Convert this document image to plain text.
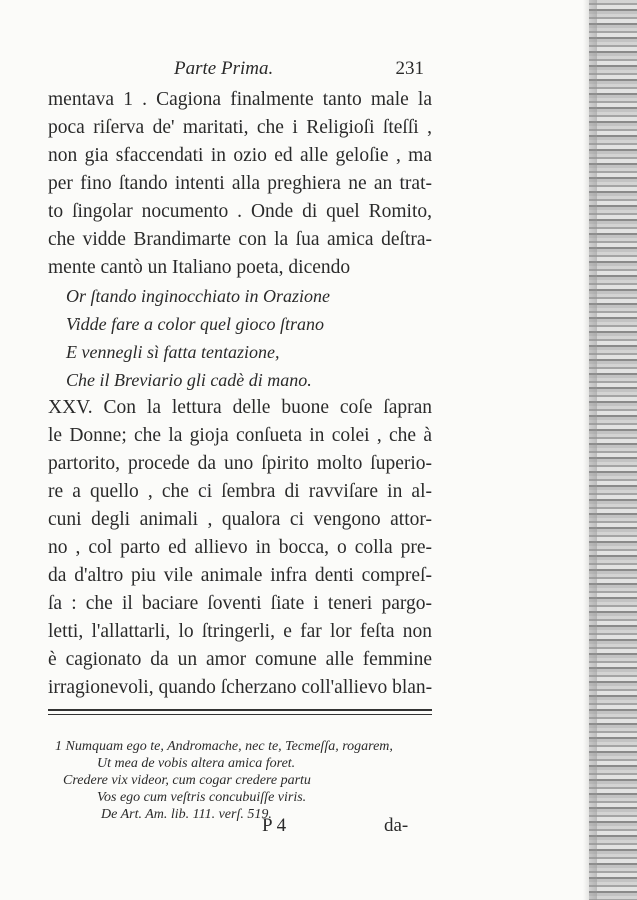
Parte Prima.	231
mentava 1 . Cagiona finalmente tanto male la
poca riſerva de' maritati, che i Religioſi ſteſſi ,
non gia sfaccendati in ozio ed alle geloſie , ma
per fino ſtando intenti alla preghiera ne an trat-
to ſingolar nocumento . Onde di quel Romito,
che vidde Brandimarte con la ſua amica deſtra-
mente cantò un Italiano poeta, dicendo
Or ſtando inginocchiato in Orazione
Vidde fare a color quel gioco ſtrano
E vennegli sì fatta tentazione,
Che il Breviario gli cadè di mano.
XXV. Con la lettura delle buone coſe ſapran
le Donne; che la gioja conſueta in colei , che à
partorito, procede da uno ſpirito molto ſuperio-
re a quello , che ci ſembra di ravviſare in al-
cuni degli animali , qualora ci vengono attor-
no , col parto ed allievo in bocca, o colla pre-
da d'altro piu vile animale infra denti compreſ-
ſa : che il baciare ſoventi ſiate i teneri pargo-
letti, l'allattarli, lo ſtringerli, e far lor feſta non
è cagionato da un amor comune alle femmine
irragionevoli, quando ſcherzano coll'allievo blan-
1 Numquam ego te, Andromache, nec te, Tecmeſſa, rogarem,
Ut mea de vobis altera amica foret.
Credere vix videor, cum cogar credere partu
Vos ego cum veſtris concubuiſſe viris.
De Art. Am. lib. 111. verſ. 519.
P 4	da-
